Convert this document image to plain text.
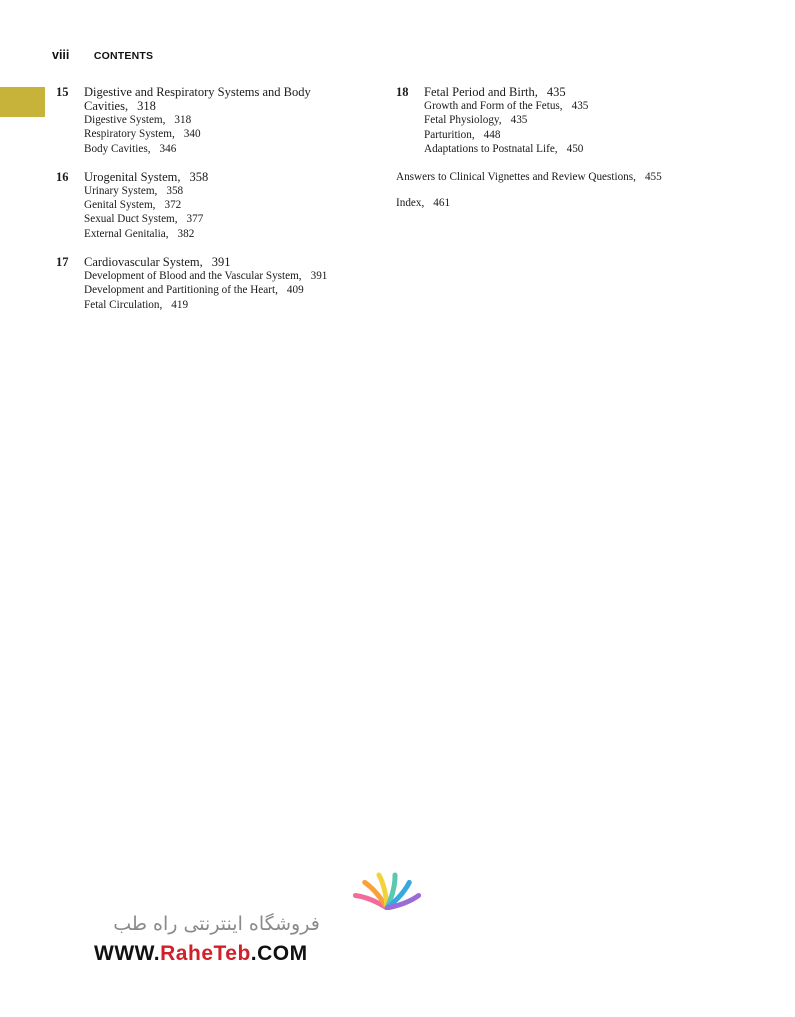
viii CONTENTS
15	Digestive and Respiratory Systems and Body
Cavities, 318
Digestive System, 318
Respiratory System, 340
Body Cavities, 346
16	Urogenital System, 358
Urinary System, 358
Genital System, 372
Sexual Duct System, 377
External Genitalia, 382
17	Cardiovascular System, 391
Development of Blood and the Vascular System, 391
Development and Partitioning of the Heart, 409
Fetal Circulation, 419
18	Fetal Period and Birth, 435
Growth and Form of the Fetus, 435
Fetal Physiology, 435
Parturition, 448
Adaptations to Postnatal Life, 450
Answers to Clinical Vignettes and Review Questions, 455
Index, 461
فروشگاه اینترنتی راه طب
WWW.RaheTeb.COM
